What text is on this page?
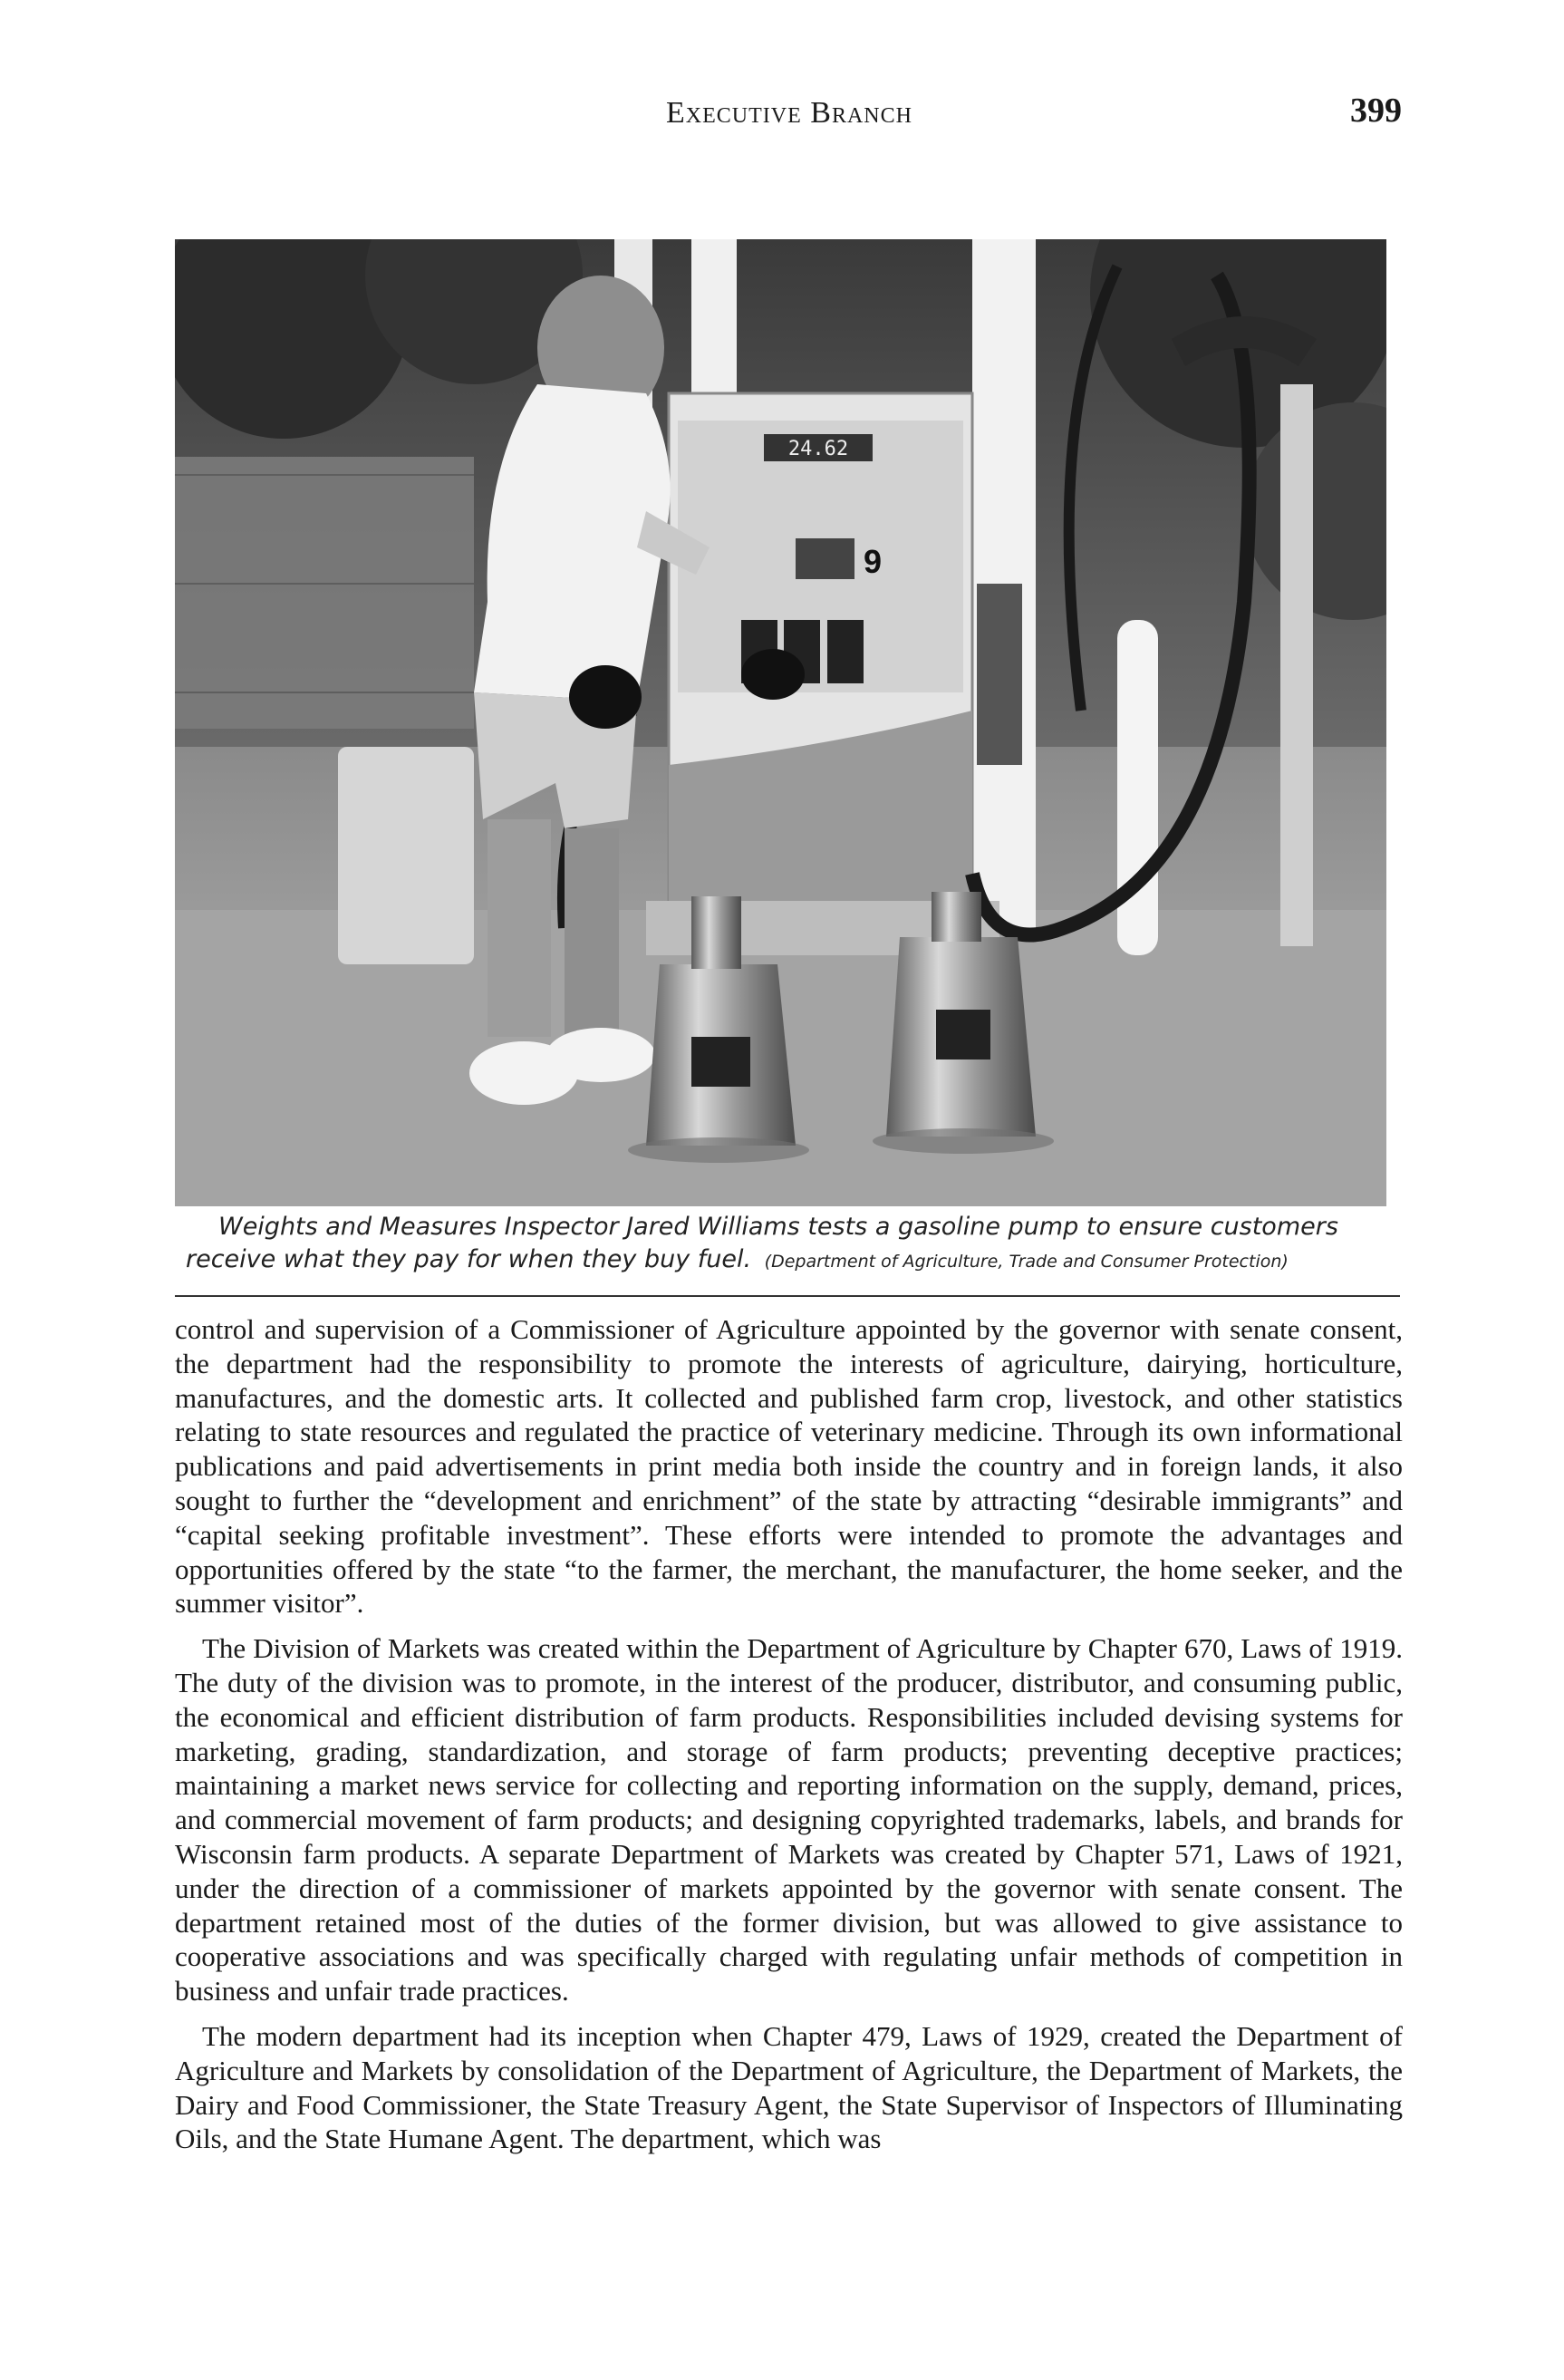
Executive Branch	399
24.62
9
Weights and Measures Inspector Jared Williams tests a gasoline pump to ensure customers receive what they pay for when they buy fuel. (Department of Agriculture, Trade and Consumer Protection)

control and supervision of a Commissioner of Agriculture appointed by the governor with senate consent, the department had the responsibility to promote the interests of agriculture, dairying, horticulture, manufactures, and the domestic arts. It collected and published farm crop, livestock, and other statistics relating to state resources and regulated the practice of veterinary medicine. Through its own informational publications and paid advertisements in print media both inside the country and in foreign lands, it also sought to further the “development and enrichment” of the state by attracting “desirable immigrants” and “capital seeking profitable investment”. These efforts were intended to promote the advantages and opportunities offered by the state “to the farmer, the merchant, the manufacturer, the home seeker, and the summer visitor”.

The Division of Markets was created within the Department of Agriculture by Chapter 670, Laws of 1919. The duty of the division was to promote, in the interest of the producer, distributor, and consuming public, the economical and efficient distribution of farm products. Responsibilities included devising systems for marketing, grading, standardization, and storage of farm products; preventing deceptive practices; maintaining a market news service for collecting and reporting information on the supply, demand, prices, and commercial movement of farm products; and designing copyrighted trademarks, labels, and brands for Wisconsin farm products. A separate Department of Markets was created by Chapter 571, Laws of 1921, under the direction of a commissioner of markets appointed by the governor with senate consent. The department retained most of the duties of the former division, but was allowed to give assistance to cooperative associations and was specifically charged with regulating unfair methods of competition in business and unfair trade practices.

The modern department had its inception when Chapter 479, Laws of 1929, created the Department of Agriculture and Markets by consolidation of the Department of Agriculture, the Department of Markets, the Dairy and Food Commissioner, the State Treasury Agent, the State Supervisor of Inspectors of Illuminating Oils, and the State Humane Agent. The department, which was
